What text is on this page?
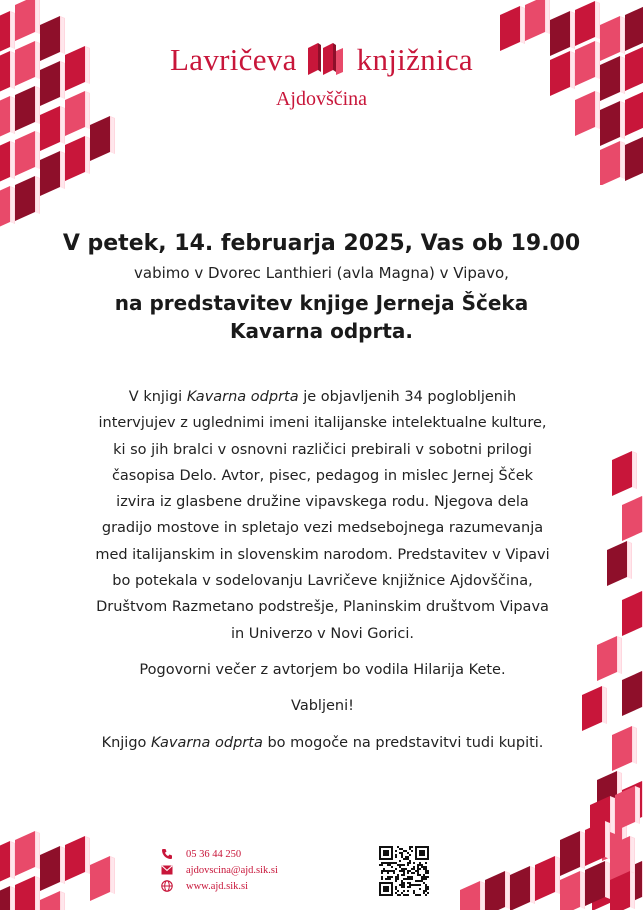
Lavričeva knjižnica
Ajdovščina
V petek, 14. februarja 2025, Vas ob 19.00
vabimo v Dvorec Lanthieri (avla Magna) v Vipavo,
na predstavitev knjige Jerneja Ščeka
Kavarna odprta.

V knjigi Kavarna odprta je objavljenih 34 poglobljenih
intervjujev z uglednimi imeni italijanske intelektualne kulture,
ki so jih bralci v osnovni različici prebirali v sobotni prilogi
časopisa Delo. Avtor, pisec, pedagog in mislec Jernej Šček
izvira iz glasbene družine vipavskega rodu. Njegova dela
gradijo mostove in spletajo vezi medsebojnega razumevanja
med italijanskim in slovenskim narodom. Predstavitev v Vipavi
bo potekala v sodelovanju Lavričeve knjižnice Ajdovščina,
Društvom Razmetano podstrešje, Planinskim društvom Vipava
in Univerzo v Novi Gorici.

Pogovorni večer z avtorjem bo vodila Hilarija Kete.

Vabljeni!

Knjigo Kavarna odprta bo mogoče na predstavitvi tudi kupiti.

05 36 44 250
ajdovscina@ajd.sik.si
www.ajd.sik.si
